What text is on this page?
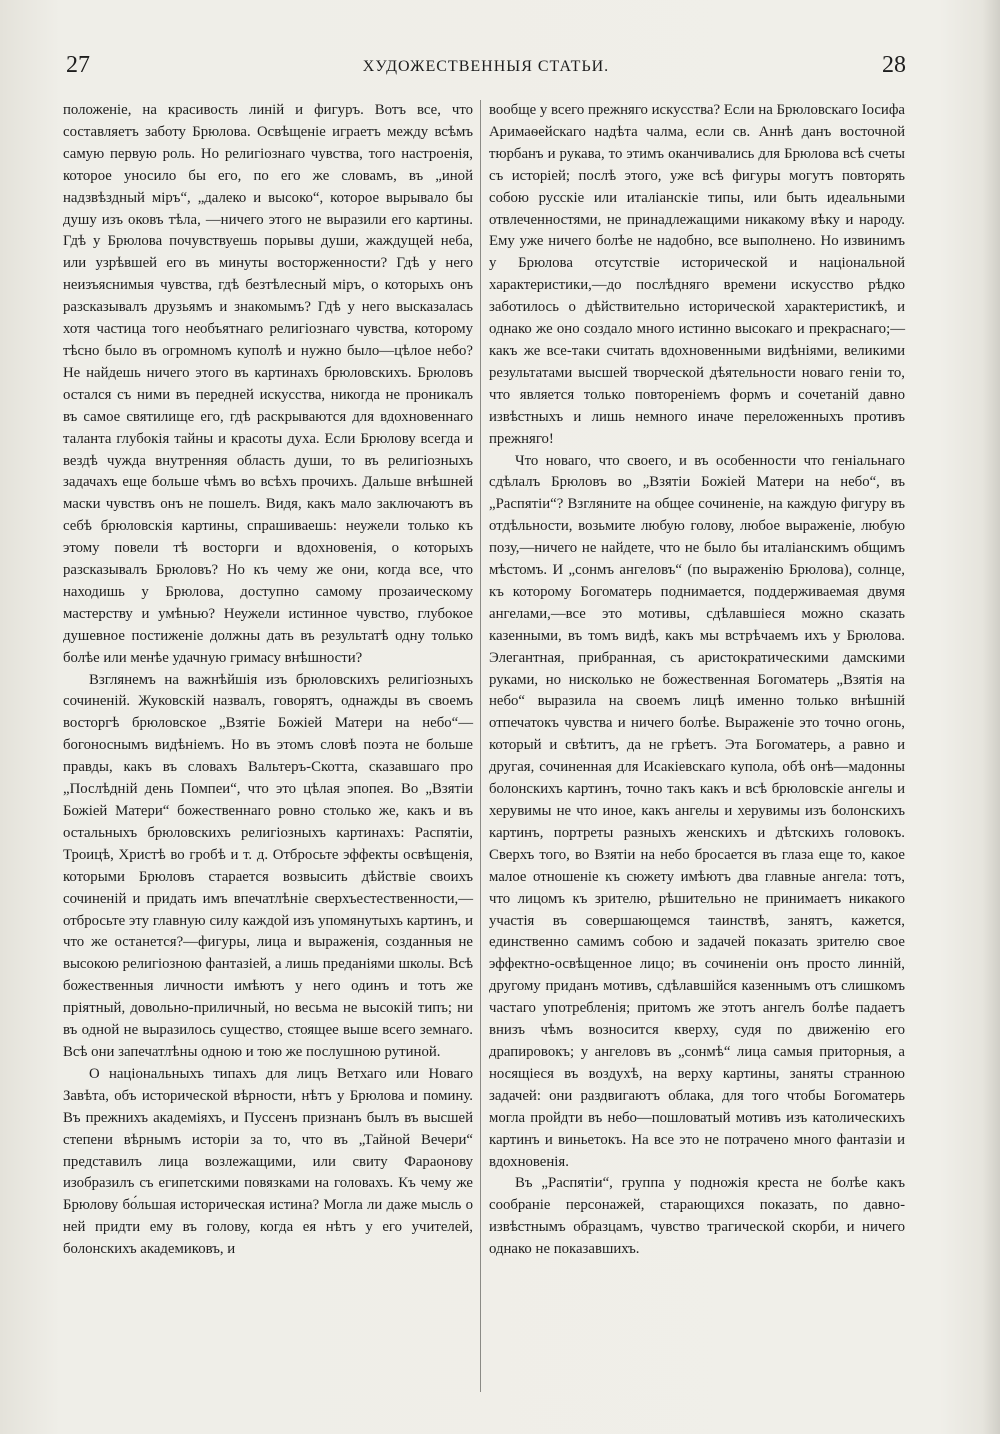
27	ХУДОЖЕСТВЕННЫЯ СТАТЬИ.	28

положеніе, на красивость линій и фигуръ. Вотъ все, что составляетъ заботу Брюлова. Освѣщеніе играетъ между всѣмъ самую первую роль. Но религіознаго чувства, того настроенія, которое уносило бы его, по его же словамъ, въ „иной надзвѣздный міръ“, „далеко и высоко“, которое вырывало бы душу изъ оковъ тѣла, —ничего этого не выразили его картины. Гдѣ у Брюлова почувствуешь порывы души, жаждущей неба, или узрѣвшей его въ минуты восторженности? Гдѣ у него неизъяснимыя чувства, гдѣ безтѣлесный міръ, о которыхъ онъ разсказывалъ друзьямъ и знакомымъ? Гдѣ у него высказалась хотя частица того необъятнаго религіознаго чувства, которому тѣсно было въ огромномъ куполѣ и нужно было—цѣлое небо? Не найдешь ничего этого въ картинахъ брюловскихъ. Брюловъ остался съ ними въ передней искусства, никогда не проникалъ въ самое святилище его, гдѣ раскрываются для вдохновеннаго таланта глубокія тайны и красоты духа. Если Брюлову всегда и вездѣ чужда внутренняя область души, то въ религіозныхъ задачахъ еще больше чѣмъ во всѣхъ прочихъ. Дальше внѣшней маски чувствъ онъ не пошелъ. Видя, какъ мало заключаютъ въ себѣ брюловскія картины, спрашиваешь: неужели только къ этому повели тѣ восторги и вдохновенія, о которыхъ разсказывалъ Брюловъ? Но къ чему же они, когда все, что находишь у Брюлова, доступно самому прозаическому мастерству и умѣнью? Неужели истинное чувство, глубокое душевное постиженіе должны дать въ результатѣ одну только болѣе или менѣе удачную гримасу внѣшности?

Взглянемъ на важнѣйшія изъ брюловскихъ религіозныхъ сочиненій. Жуковскій назвалъ, говорятъ, однажды въ своемъ восторгѣ брюловское „Взятіе Божіей Матери на небо“—богоноснымъ видѣніемъ. Но въ этомъ словѣ поэта не больше правды, какъ въ словахъ Вальтеръ-Скотта, сказавшаго про „Послѣдній день Помпеи“, что это цѣлая эпопея. Во „Взятіи Божіей Матери“ божественнаго ровно столько же, какъ и въ остальныхъ брюловскихъ религіозныхъ картинахъ: Распятіи, Троицѣ, Христѣ во гробѣ и т. д. Отбросьте эффекты освѣщенія, которыми Брюловъ старается возвысить дѣйствіе своихъ сочиненій и придать имъ впечатлѣніе сверхъестественности,—отбросьте эту главную силу каждой изъ упомянутыхъ картинъ, и что же останется?—фигуры, лица и выраженія, созданныя не высокою религіозною фантазіей, а лишь преданіями школы. Всѣ божественныя личности имѣютъ у него одинъ и тотъ же пріятный, довольно-приличный, но весьма не высокій типъ; ни въ одной не выразилось существо, стоящее выше всего земнаго. Всѣ они запечатлѣны одною и тою же послушною рутиной.

О національныхъ типахъ для лицъ Ветхаго или Новаго Завѣта, объ исторической вѣрности, нѣтъ у Брюлова и помину. Въ прежнихъ академіяхъ, и Пуссенъ признанъ былъ въ высшей степени вѣрнымъ исторіи за то, что въ „Тайной Вечери“ представилъ лица возлежащими, или свиту Фараонову изобразилъ съ египетскими повязками на головахъ. Къ чему же Брюлову бо́льшая историческая истина? Могла ли даже мысль о ней придти ему въ голову, когда ея нѣтъ у его учителей, болонскихъ академиковъ, и

вообще у всего прежняго искусства? Если на Брюловскаго Іосифа Аримаѳейскаго надѣта чалма, если св. Аннѣ данъ восточной тюрбанъ и рукава, то этимъ оканчивались для Брюлова всѣ счеты съ исторіей; послѣ этого, уже всѣ фигуры могутъ повторять собою русскіе или италіанскіе типы, или быть идеальными отвлеченностями, не принадлежащими никакому вѣку и народу. Ему уже ничего болѣе не надобно, все выполнено. Но извинимъ у Брюлова отсутствіе исторической и національной характеристики,—до послѣдняго времени искусство рѣдко заботилось о дѣйствительно исторической характеристикѣ, и однако же оно создало много истинно высокаго и прекраснаго;—какъ же все-таки считать вдохновенными видѣніями, великими результатами высшей творческой дѣятельности новаго геніи то, что является только повтореніемъ формъ и сочетаній давно извѣстныхъ и лишь немного иначе переложенныхъ противъ прежняго!

Что новаго, что своего, и въ особенности что геніальнаго сдѣлалъ Брюловъ во „Взятіи Божіей Матери на небо“, въ „Распятіи“? Взгляните на общее сочиненіе, на каждую фигуру въ отдѣльности, возьмите любую голову, любое выраженіе, любую позу,—ничего не найдете, что не было бы италіанскимъ общимъ мѣстомъ. И „сонмъ ангеловъ“ (по выраженію Брюлова), солнце, къ которому Богоматерь поднимается, поддерживаемая двумя ангелами,—все это мотивы, сдѣлавшіеся можно сказать казенными, въ томъ видѣ, какъ мы встрѣчаемъ ихъ у Брюлова. Элегантная, прибранная, съ аристократическими дамскими руками, но нисколько не божественная Богоматерь „Взятія на небо“ выразила на своемъ лицѣ именно только внѣшній отпечатокъ чувства и ничего болѣе. Выраженіе это точно огонь, который и свѣтитъ, да не грѣетъ. Эта Богоматерь, а равно и другая, сочиненная для Исакіевскаго купола, обѣ онѣ—мадонны болонскихъ картинъ, точно такъ какъ и всѣ брюловскіе ангелы и херувимы не что иное, какъ ангелы и херувимы изъ болонскихъ картинъ, портреты разныхъ женскихъ и дѣтскихъ головокъ. Сверхъ того, во Взятіи на небо бросается въ глаза еще то, какое малое отношеніе къ сюжету имѣютъ два главные ангела: тотъ, что лицомъ къ зрителю, рѣшительно не принимаетъ никакого участія въ совершающемся таинствѣ, занятъ, кажется, единственно самимъ собою и задачей показать зрителю свое эффектно-освѣщенное лицо; въ сочиненіи онъ просто линній, другому приданъ мотивъ, сдѣлавшійся казеннымъ отъ слишкомъ частаго употребленія; притомъ же этотъ ангелъ болѣе падаетъ внизъ чѣмъ возносится кверху, судя по движенію его драпировокъ; у ангеловъ въ „сонмѣ“ лица самыя приторныя, а носящіеся въ воздухѣ, на верху картины, заняты странною задачей: они раздвигаютъ облака, для того чтобы Богоматерь могла пройдти въ небо—пошловатый мотивъ изъ католическихъ картинъ и виньетокъ. На все это не потрачено много фантазіи и вдохновенія.

Въ „Распятіи“, группа у подножія креста не болѣе какъ сообраніе персонажей, старающихся показать, по давно-извѣстнымъ образцамъ, чувство трагической скорби, и ничего однако не показавшихъ.
